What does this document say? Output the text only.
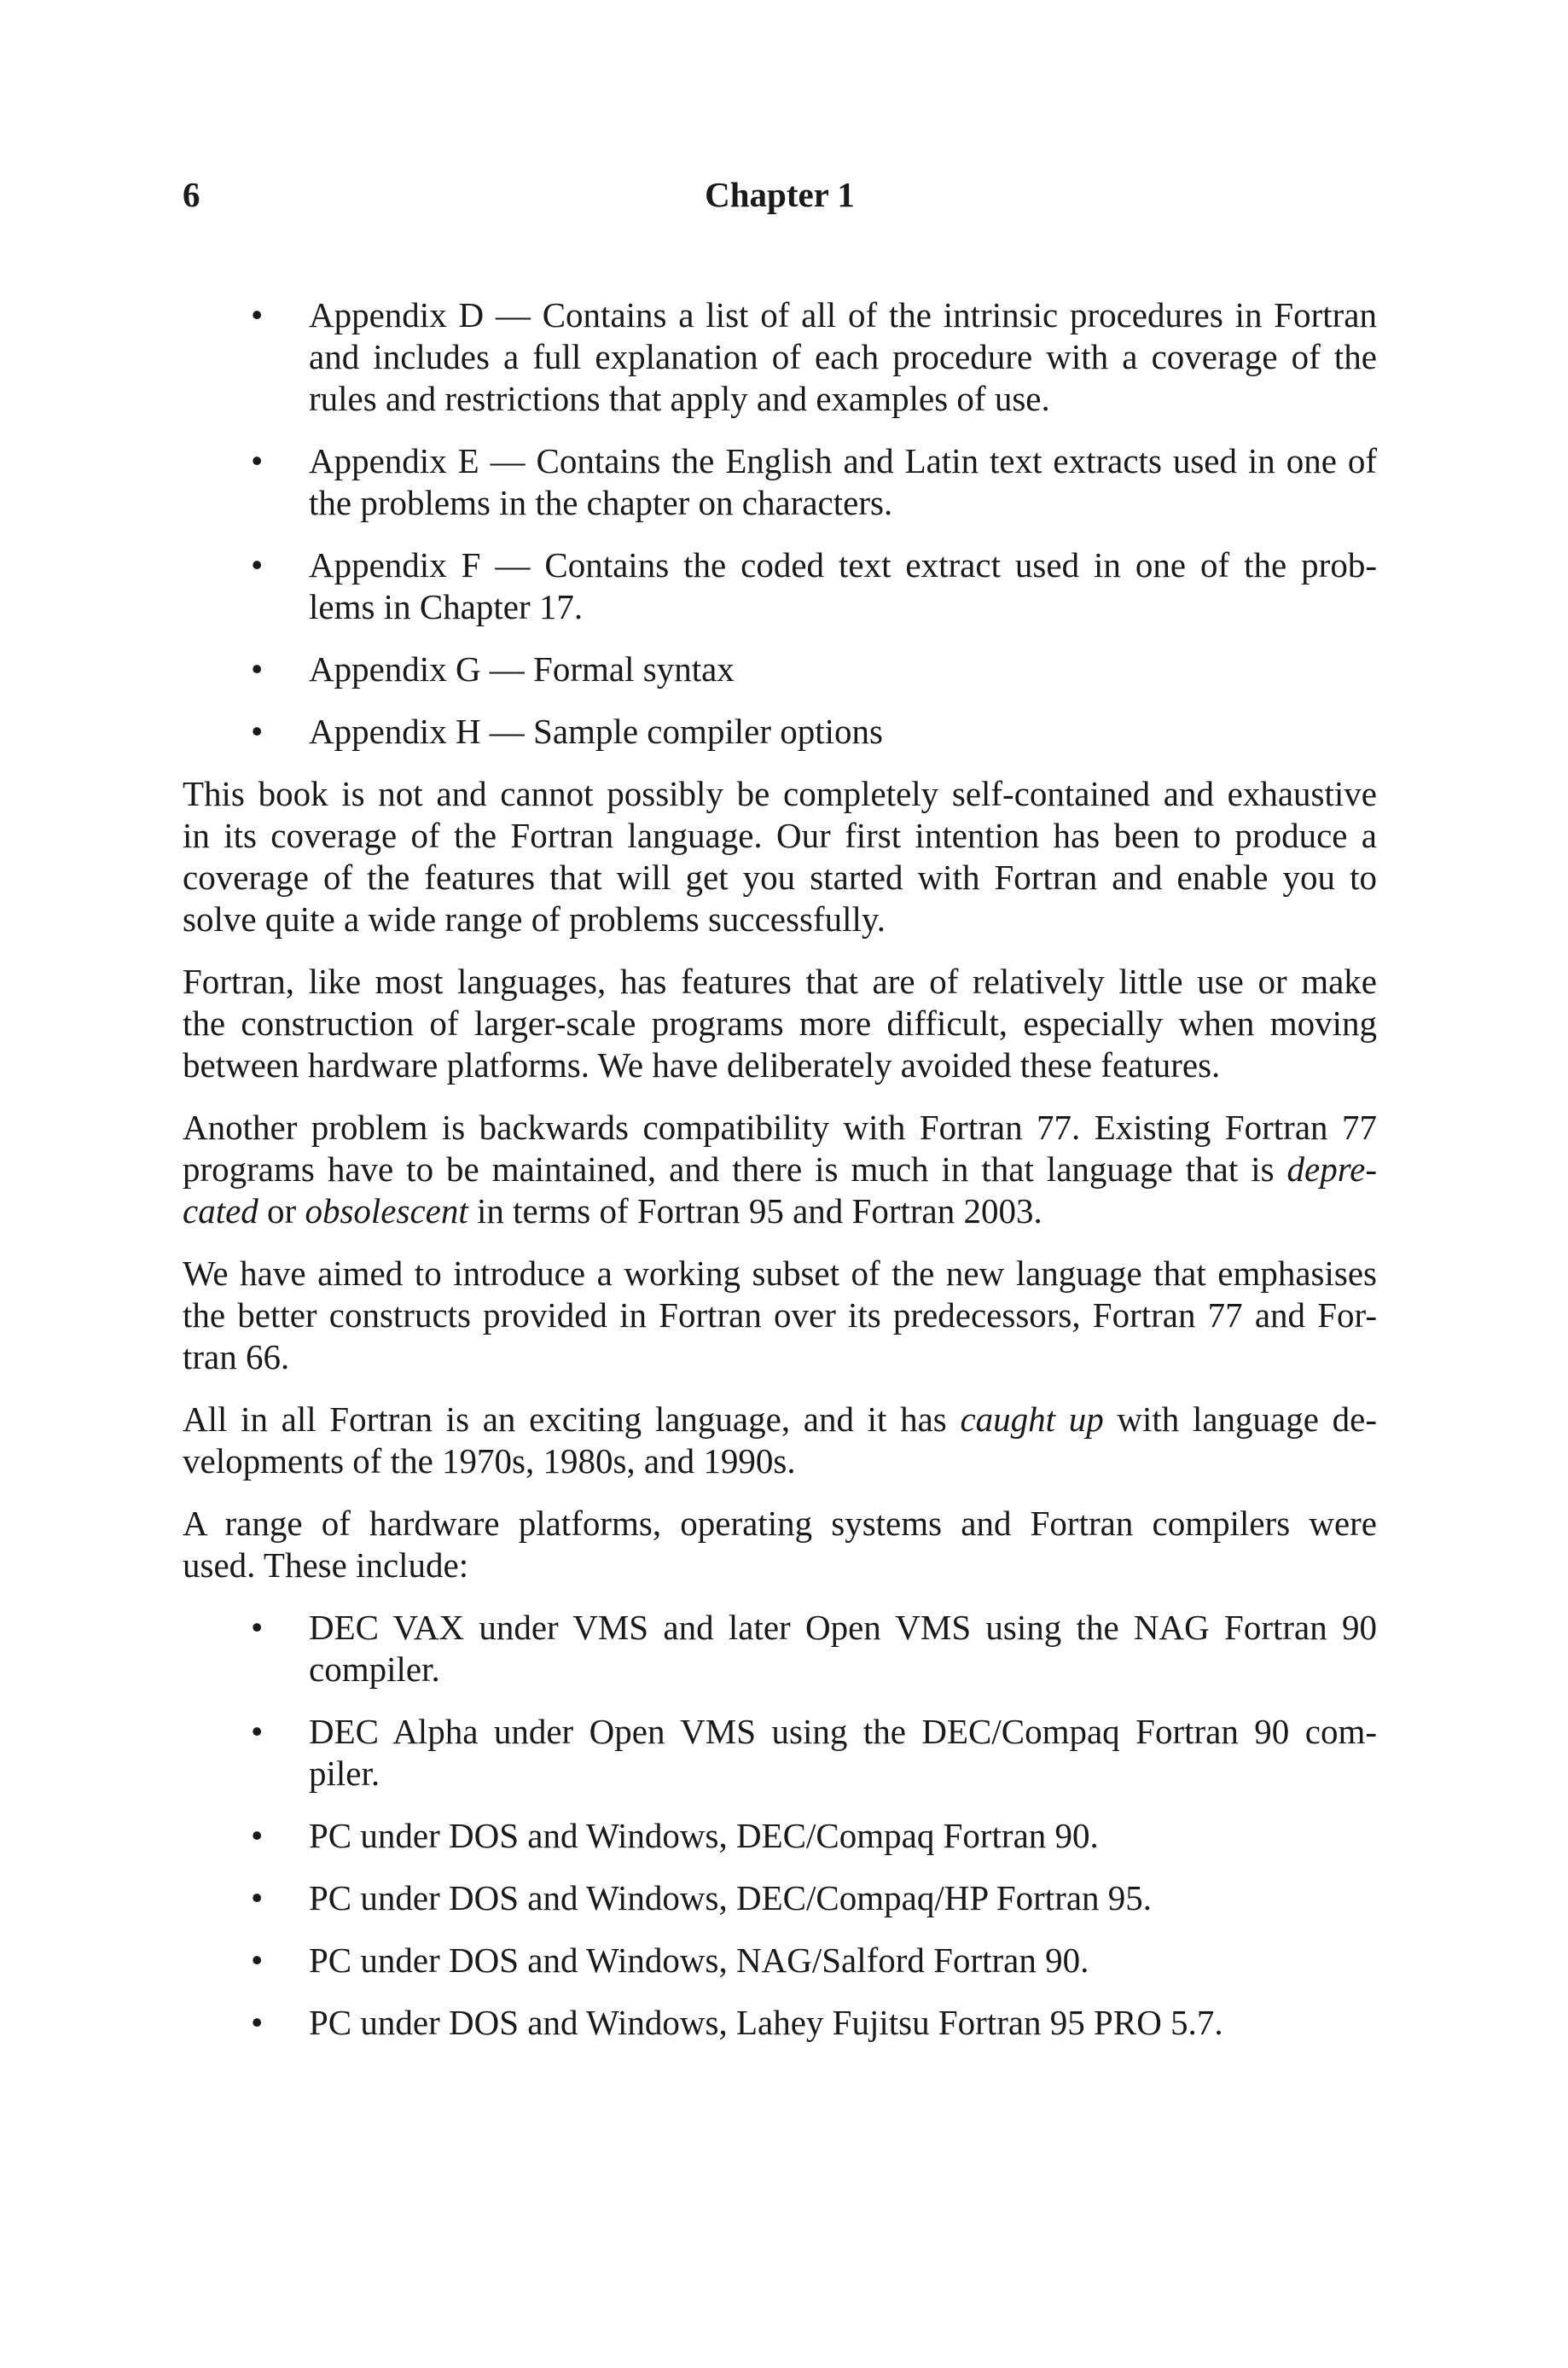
6	Chapter 1
• Appendix D — Contains a list of all of the intrinsic procedures in Fortran
and includes a full explanation of each procedure with a coverage of the
rules and restrictions that apply and examples of use.
• Appendix E — Contains the English and Latin text extracts used in one of
the problems in the chapter on characters.
• Appendix F — Contains the coded text extract used in one of the prob-
lems in Chapter 17.
• Appendix G — Formal syntax
• Appendix H — Sample compiler options
This book is not and cannot possibly be completely self-contained and exhaustive
in its coverage of the Fortran language. Our first intention has been to produce a
coverage of the features that will get you started with Fortran and enable you to
solve quite a wide range of problems successfully.
Fortran, like most languages, has features that are of relatively little use or make
the construction of larger-scale programs more difficult, especially when moving
between hardware platforms. We have deliberately avoided these features.
Another problem is backwards compatibility with Fortran 77. Existing Fortran 77
programs have to be maintained, and there is much in that language that is depre-
cated or obsolescent in terms of Fortran 95 and Fortran 2003.
We have aimed to introduce a working subset of the new language that emphasises
the better constructs provided in Fortran over its predecessors, Fortran 77 and For-
tran 66.
All in all Fortran is an exciting language, and it has caught up with language de-
velopments of the 1970s, 1980s, and 1990s.
A range of hardware platforms, operating systems and Fortran compilers were
used. These include:
• DEC VAX under VMS and later Open VMS using the NAG Fortran 90
compiler.
• DEC Alpha under Open VMS using the DEC/Compaq Fortran 90 com-
piler.
• PC under DOS and Windows, DEC/Compaq Fortran 90.
• PC under DOS and Windows, DEC/Compaq/HP Fortran 95.
• PC under DOS and Windows, NAG/Salford Fortran 90.
• PC under DOS and Windows, Lahey Fujitsu Fortran 95 PRO 5.7.
